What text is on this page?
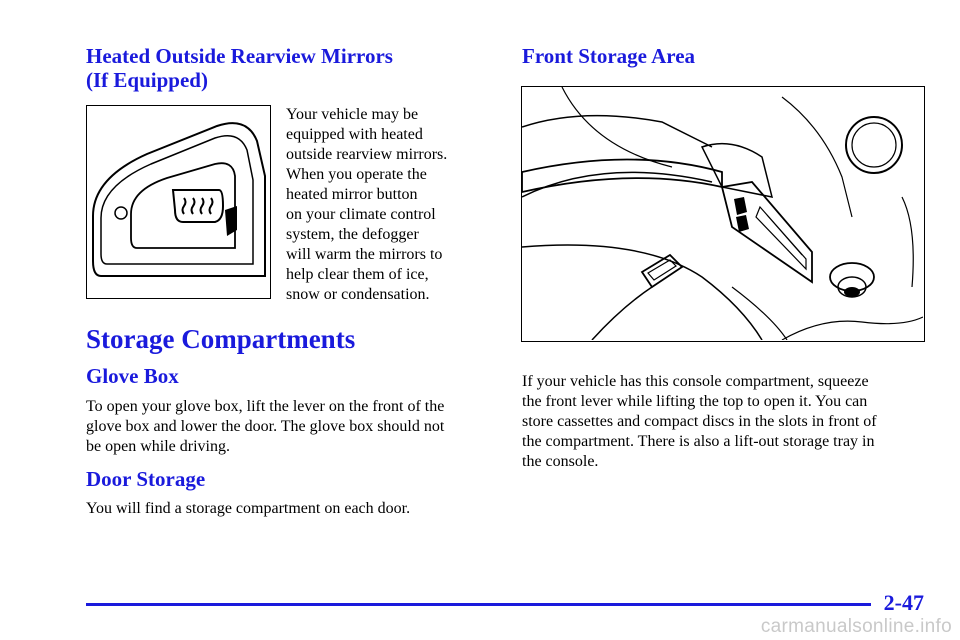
Heated Outside Rearview Mirrors
(If Equipped)

Your vehicle may be
equipped with heated
outside rearview mirrors.
When you operate the
heated mirror button
on your climate control
system, the defogger
will warm the mirrors to
help clear them of ice,
snow or condensation.

Storage Compartments
Glove Box

To open your glove box, lift the lever on the front of the
glove box and lower the door. The glove box should not
be open while driving.

Door Storage

You will find a storage compartment on each door.

Front Storage Area

If your vehicle has this console compartment, squeeze
the front lever while lifting the top to open it. You can
store cassettes and compact discs in the slots in front of
the compartment. There is also a lift-out storage tray in
the console.

2-47
carmanualsonline.info
